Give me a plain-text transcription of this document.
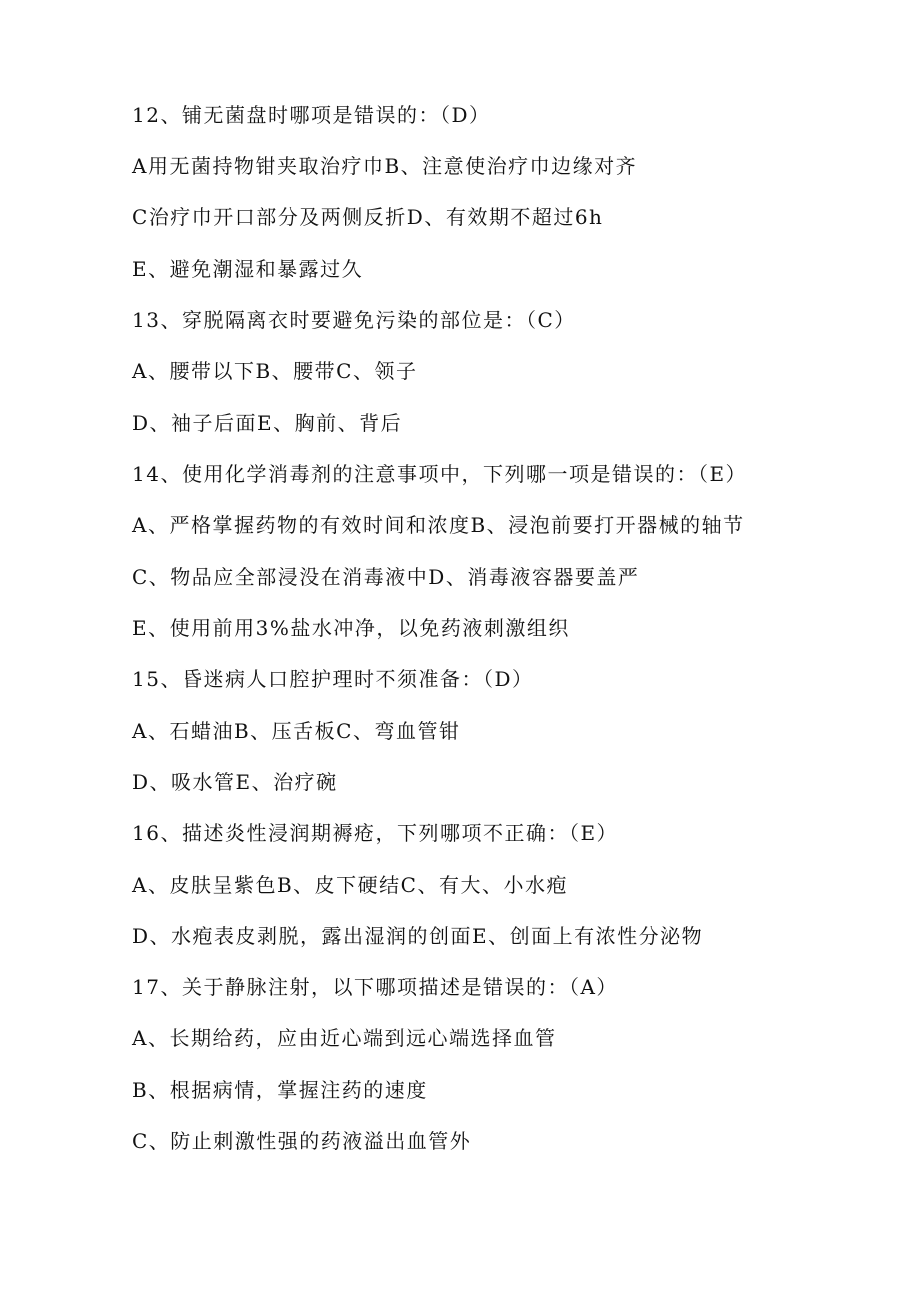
12、铺无菌盘时哪项是错误的：（D）
A用无菌持物钳夹取治疗巾B、注意使治疗巾边缘对齐
C治疗巾开口部分及两侧反折D、有效期不超过6h
E、避免潮湿和暴露过久
13、穿脱隔离衣时要避免污染的部位是：（C）
A、腰带以下B、腰带C、领子
D、袖子后面E、胸前、背后
14、使用化学消毒剂的注意事项中，下列哪一项是错误的：（E）
A、严格掌握药物的有效时间和浓度B、浸泡前要打开器械的轴节
C、物品应全部浸没在消毒液中D、消毒液容器要盖严
E、使用前用3%盐水冲净，以免药液刺激组织
15、昏迷病人口腔护理时不须准备：（D）
A、石蜡油B、压舌板C、弯血管钳
D、吸水管E、治疗碗
16、描述炎性浸润期褥疮，下列哪项不正确：（E）
A、皮肤呈紫色B、皮下硬结C、有大、小水疱
D、水疱表皮剥脱，露出湿润的创面E、创面上有浓性分泌物
17、关于静脉注射，以下哪项描述是错误的：（A）
A、长期给药，应由近心端到远心端选择血管
B、根据病情，掌握注药的速度
C、防止刺激性强的药液溢出血管外
